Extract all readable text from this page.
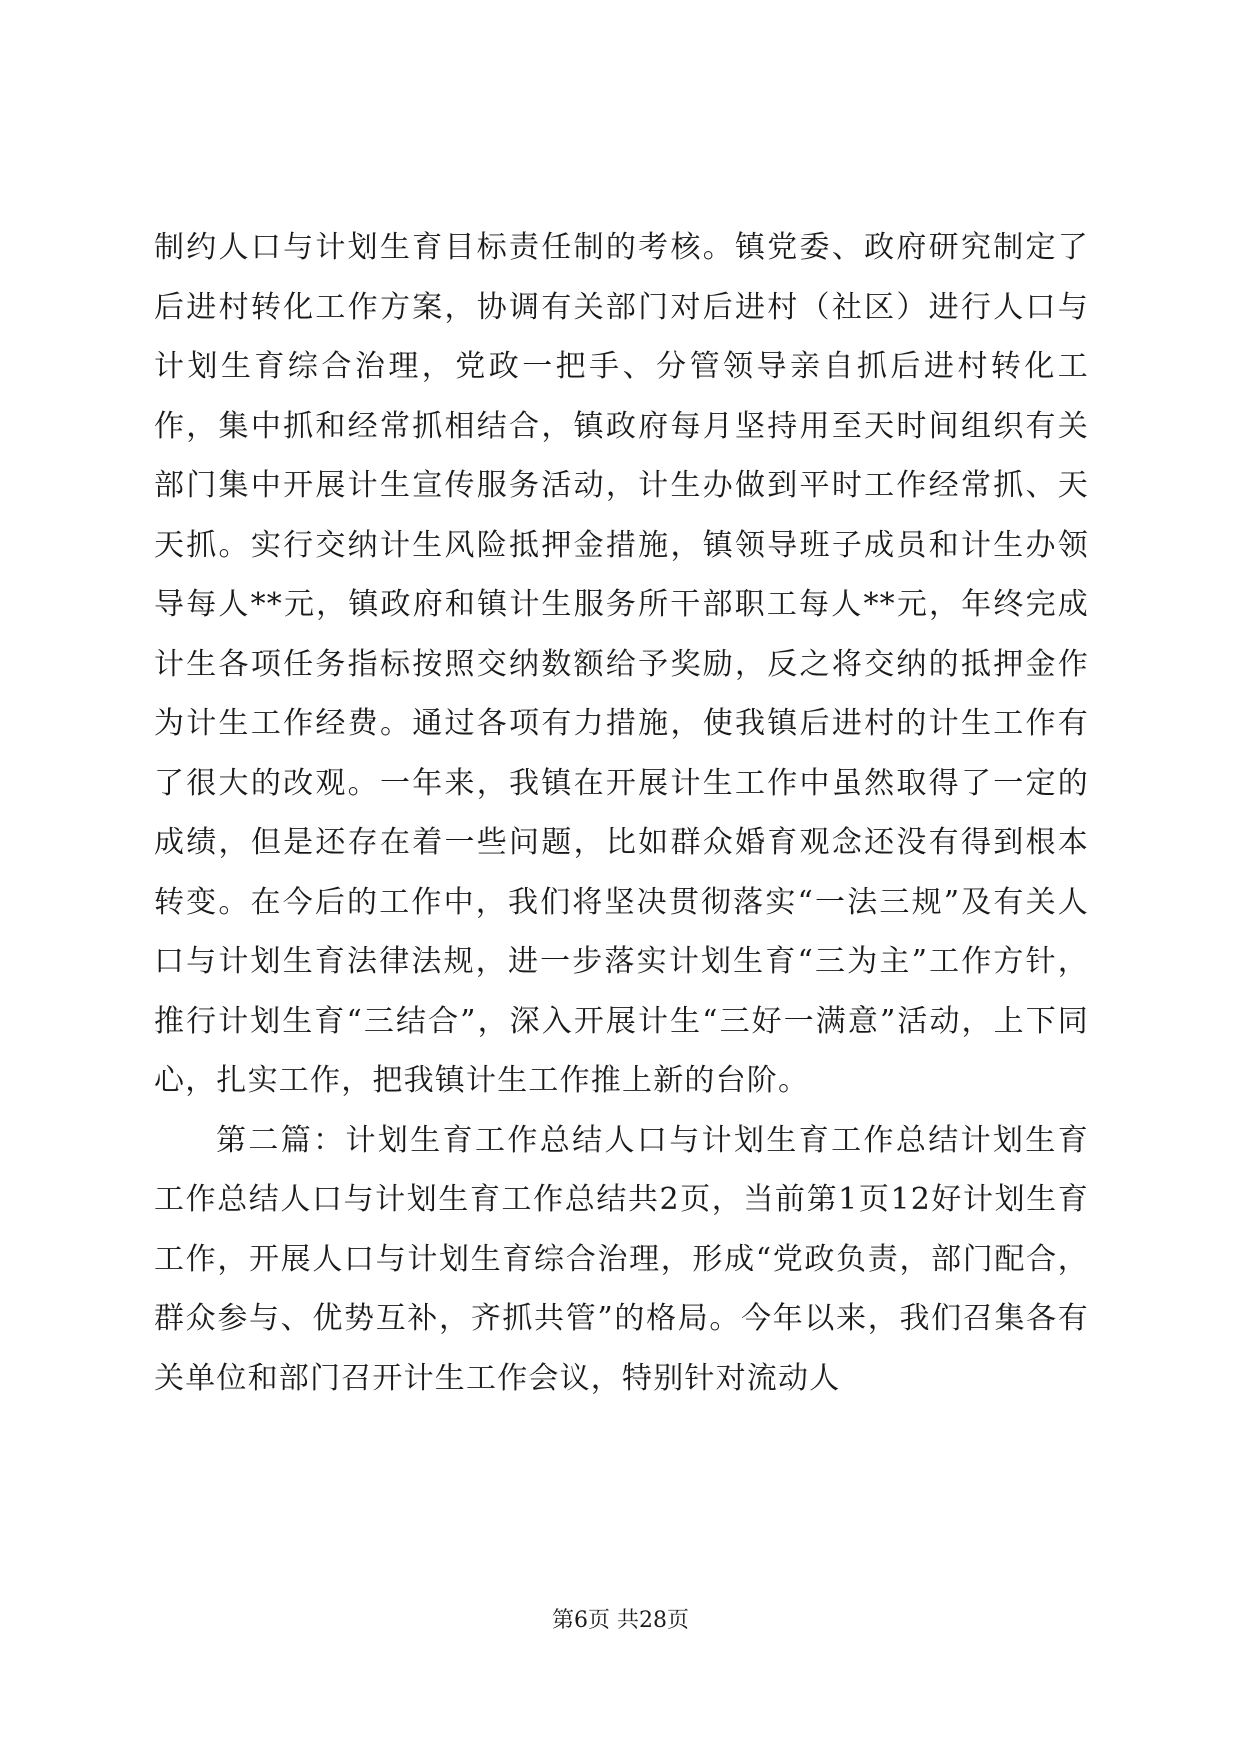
制约人口与计划生育目标责任制的考核。镇党委、政府研究制定了后进村转化工作方案，协调有关部门对后进村（社区）进行人口与计划生育综合治理，党政一把手、分管领导亲自抓后进村转化工作，集中抓和经常抓相结合，镇政府每月坚持用至天时间组织有关部门集中开展计生宣传服务活动，计生办做到平时工作经常抓、天天抓。实行交纳计生风险抵押金措施，镇领导班子成员和计生办领导每人**元，镇政府和镇计生服务所干部职工每人**元，年终完成计生各项任务指标按照交纳数额给予奖励，反之将交纳的抵押金作为计生工作经费。通过各项有力措施，使我镇后进村的计生工作有了很大的改观。一年来，我镇在开展计生工作中虽然取得了一定的成绩，但是还存在着一些问题，比如群众婚育观念还没有得到根本转变。在今后的工作中，我们将坚决贯彻落实“一法三规”及有关人口与计划生育法律法规，进一步落实计划生育“三为主”工作方针，推行计划生育“三结合”，深入开展计生“三好一满意”活动，上下同心，扎实工作，把我镇计生工作推上新的台阶。

第二篇：计划生育工作总结人口与计划生育工作总结计划生育工作总结人口与计划生育工作总结共2页，当前第1页12好计划生育工作，开展人口与计划生育综合治理，形成“党政负责，部门配合，群众参与、优势互补，齐抓共管”的格局。今年以来，我们召集各有关单位和部门召开计生工作会议，特别针对流动人

第6页 共28页
